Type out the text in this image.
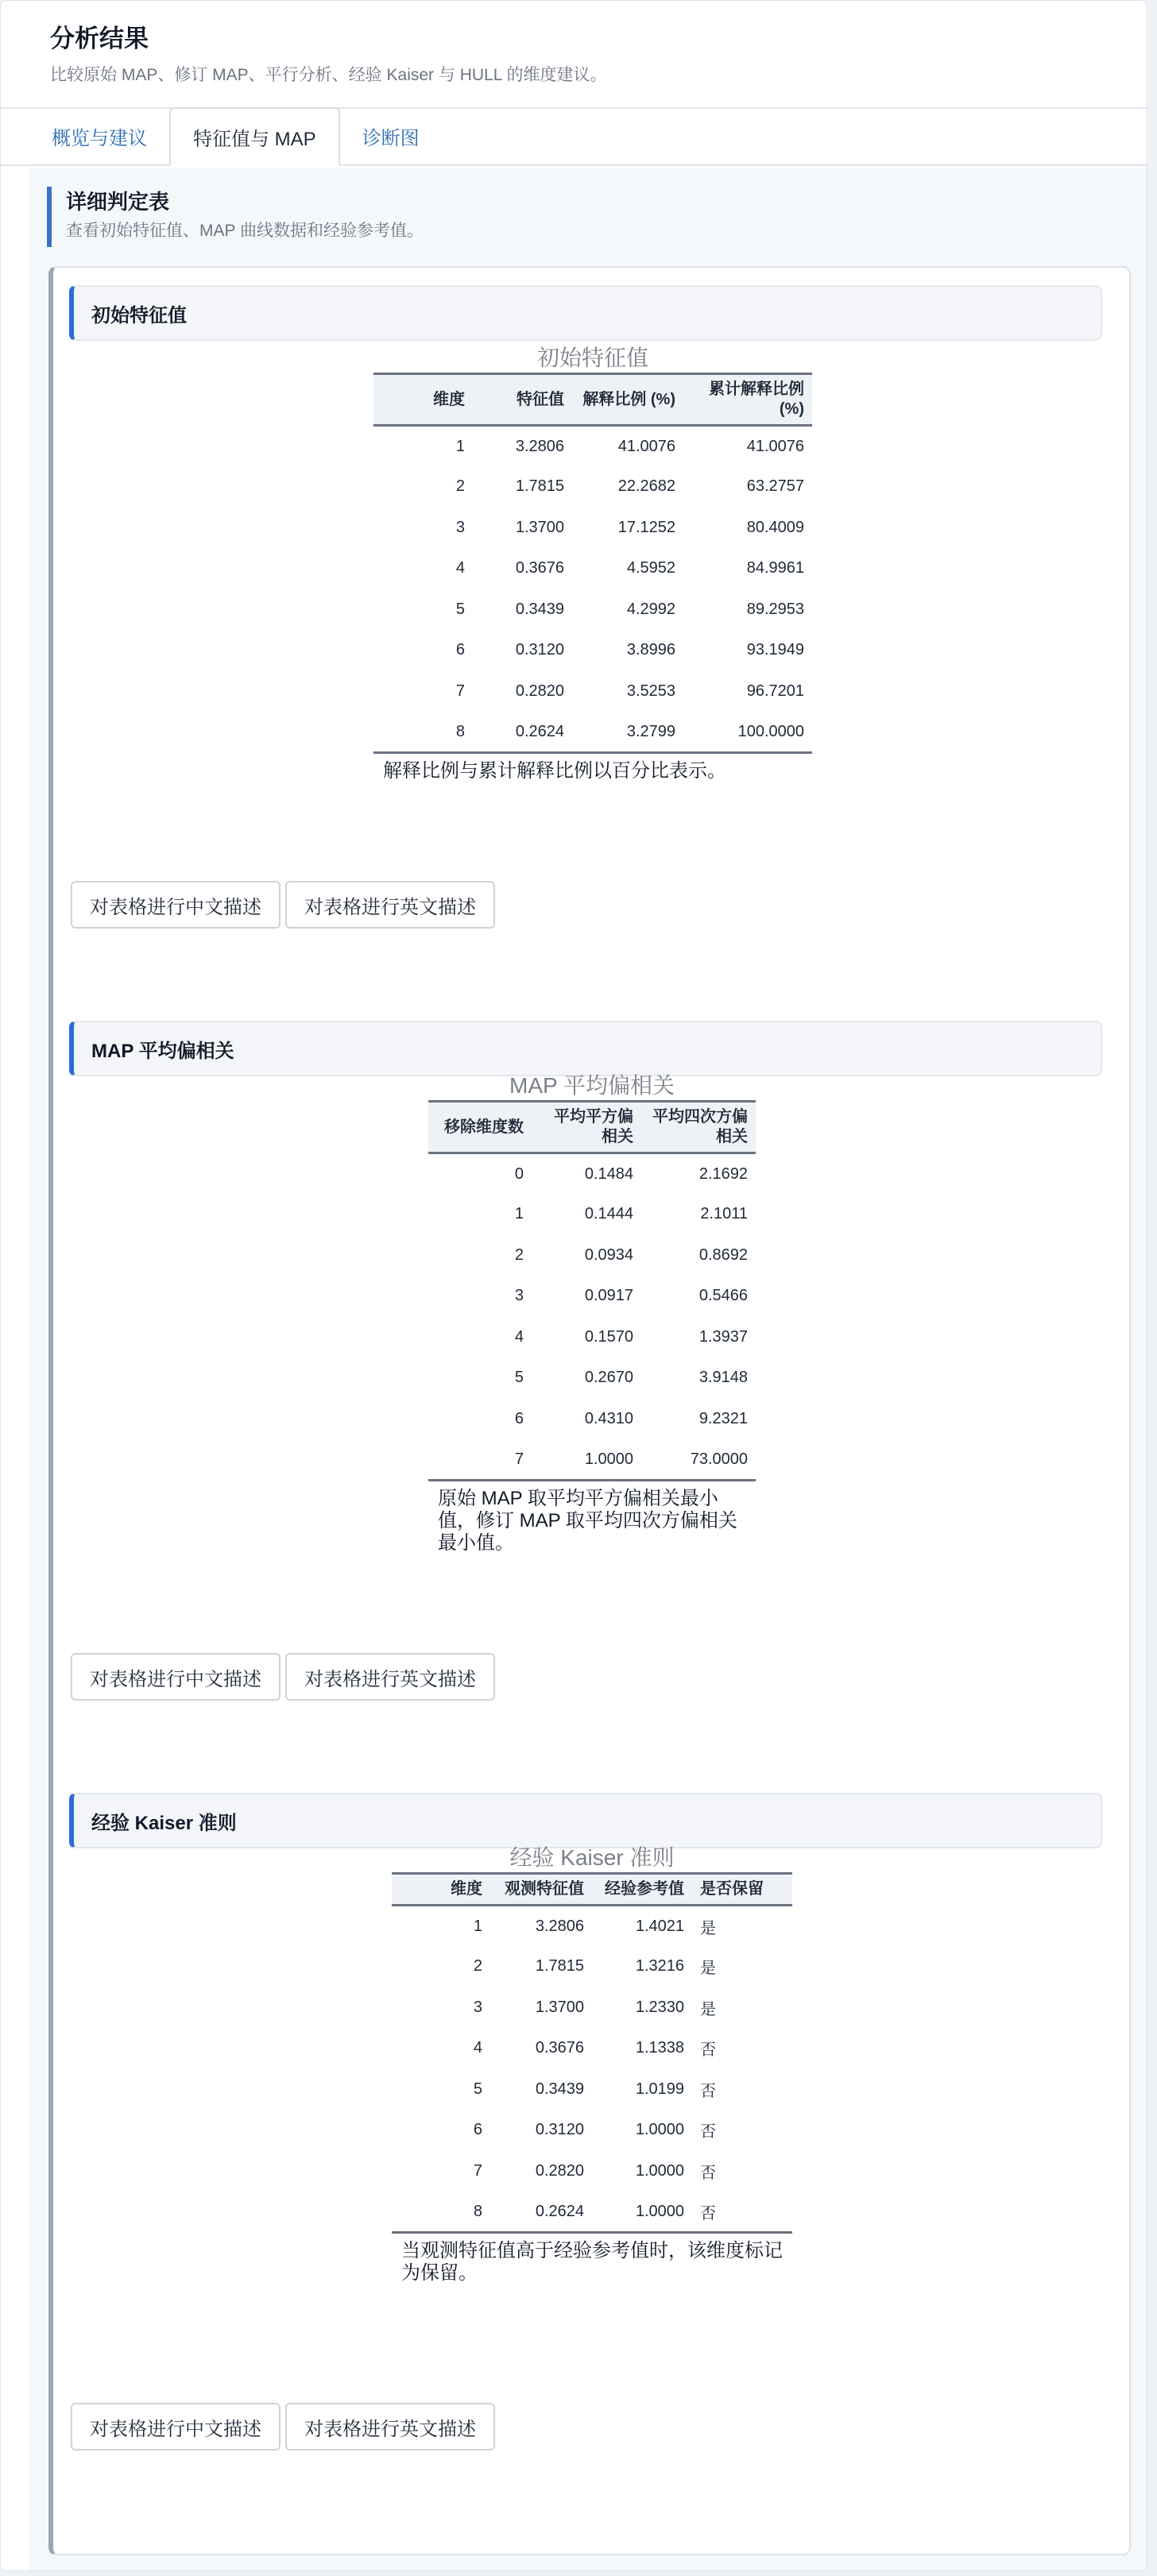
分析结果

比较原始 MAP、修订 MAP、平行分析、经验 Kaiser 与 HULL 的维度建议。

概览与建议	特征值与 MAP	诊断图
详细判定表

查看初始特征值、MAP 曲线数据和经验参考值。

初始特征值
初始特征值
维度	特征值	解释比例 (%)	累计解释比例 (%)
1	3.2806	41.0076	41.0076
2	1.7815	22.2682	63.2757
3	1.3700	17.1252	80.4009
4	0.3676	4.5952	84.9961
5	0.3439	4.2992	89.2953
6	0.3120	3.8996	93.1949
7	0.2820	3.5253	96.7201
8	0.2624	3.2799	100.0000
解释比例与累计解释比例以百分比表示。
对表格进行中文描述	对表格进行英文描述
MAP 平均偏相关
MAP 平均偏相关
移除维度数	平均平方偏相关	平均四次方偏相关
0	0.1484	2.1692
1	0.1444	2.1011
2	0.0934	0.8692
3	0.0917	0.5466
4	0.1570	1.3937
5	0.2670	3.9148
6	0.4310	9.2321
7	1.0000	73.0000
原始 MAP 取平均平方偏相关最小值，修订 MAP 取平均四次方偏相关最小值。
对表格进行中文描述	对表格进行英文描述
经验 Kaiser 准则
经验 Kaiser 准则
维度	观测特征值	经验参考值	是否保留
1	3.2806	1.4021	是
2	1.7815	1.3216	是
3	1.3700	1.2330	是
4	0.3676	1.1338	否
5	0.3439	1.0199	否
6	0.3120	1.0000	否
7	0.2820	1.0000	否
8	0.2624	1.0000	否
当观测特征值高于经验参考值时，该维度标记为保留。
对表格进行中文描述	对表格进行英文描述
